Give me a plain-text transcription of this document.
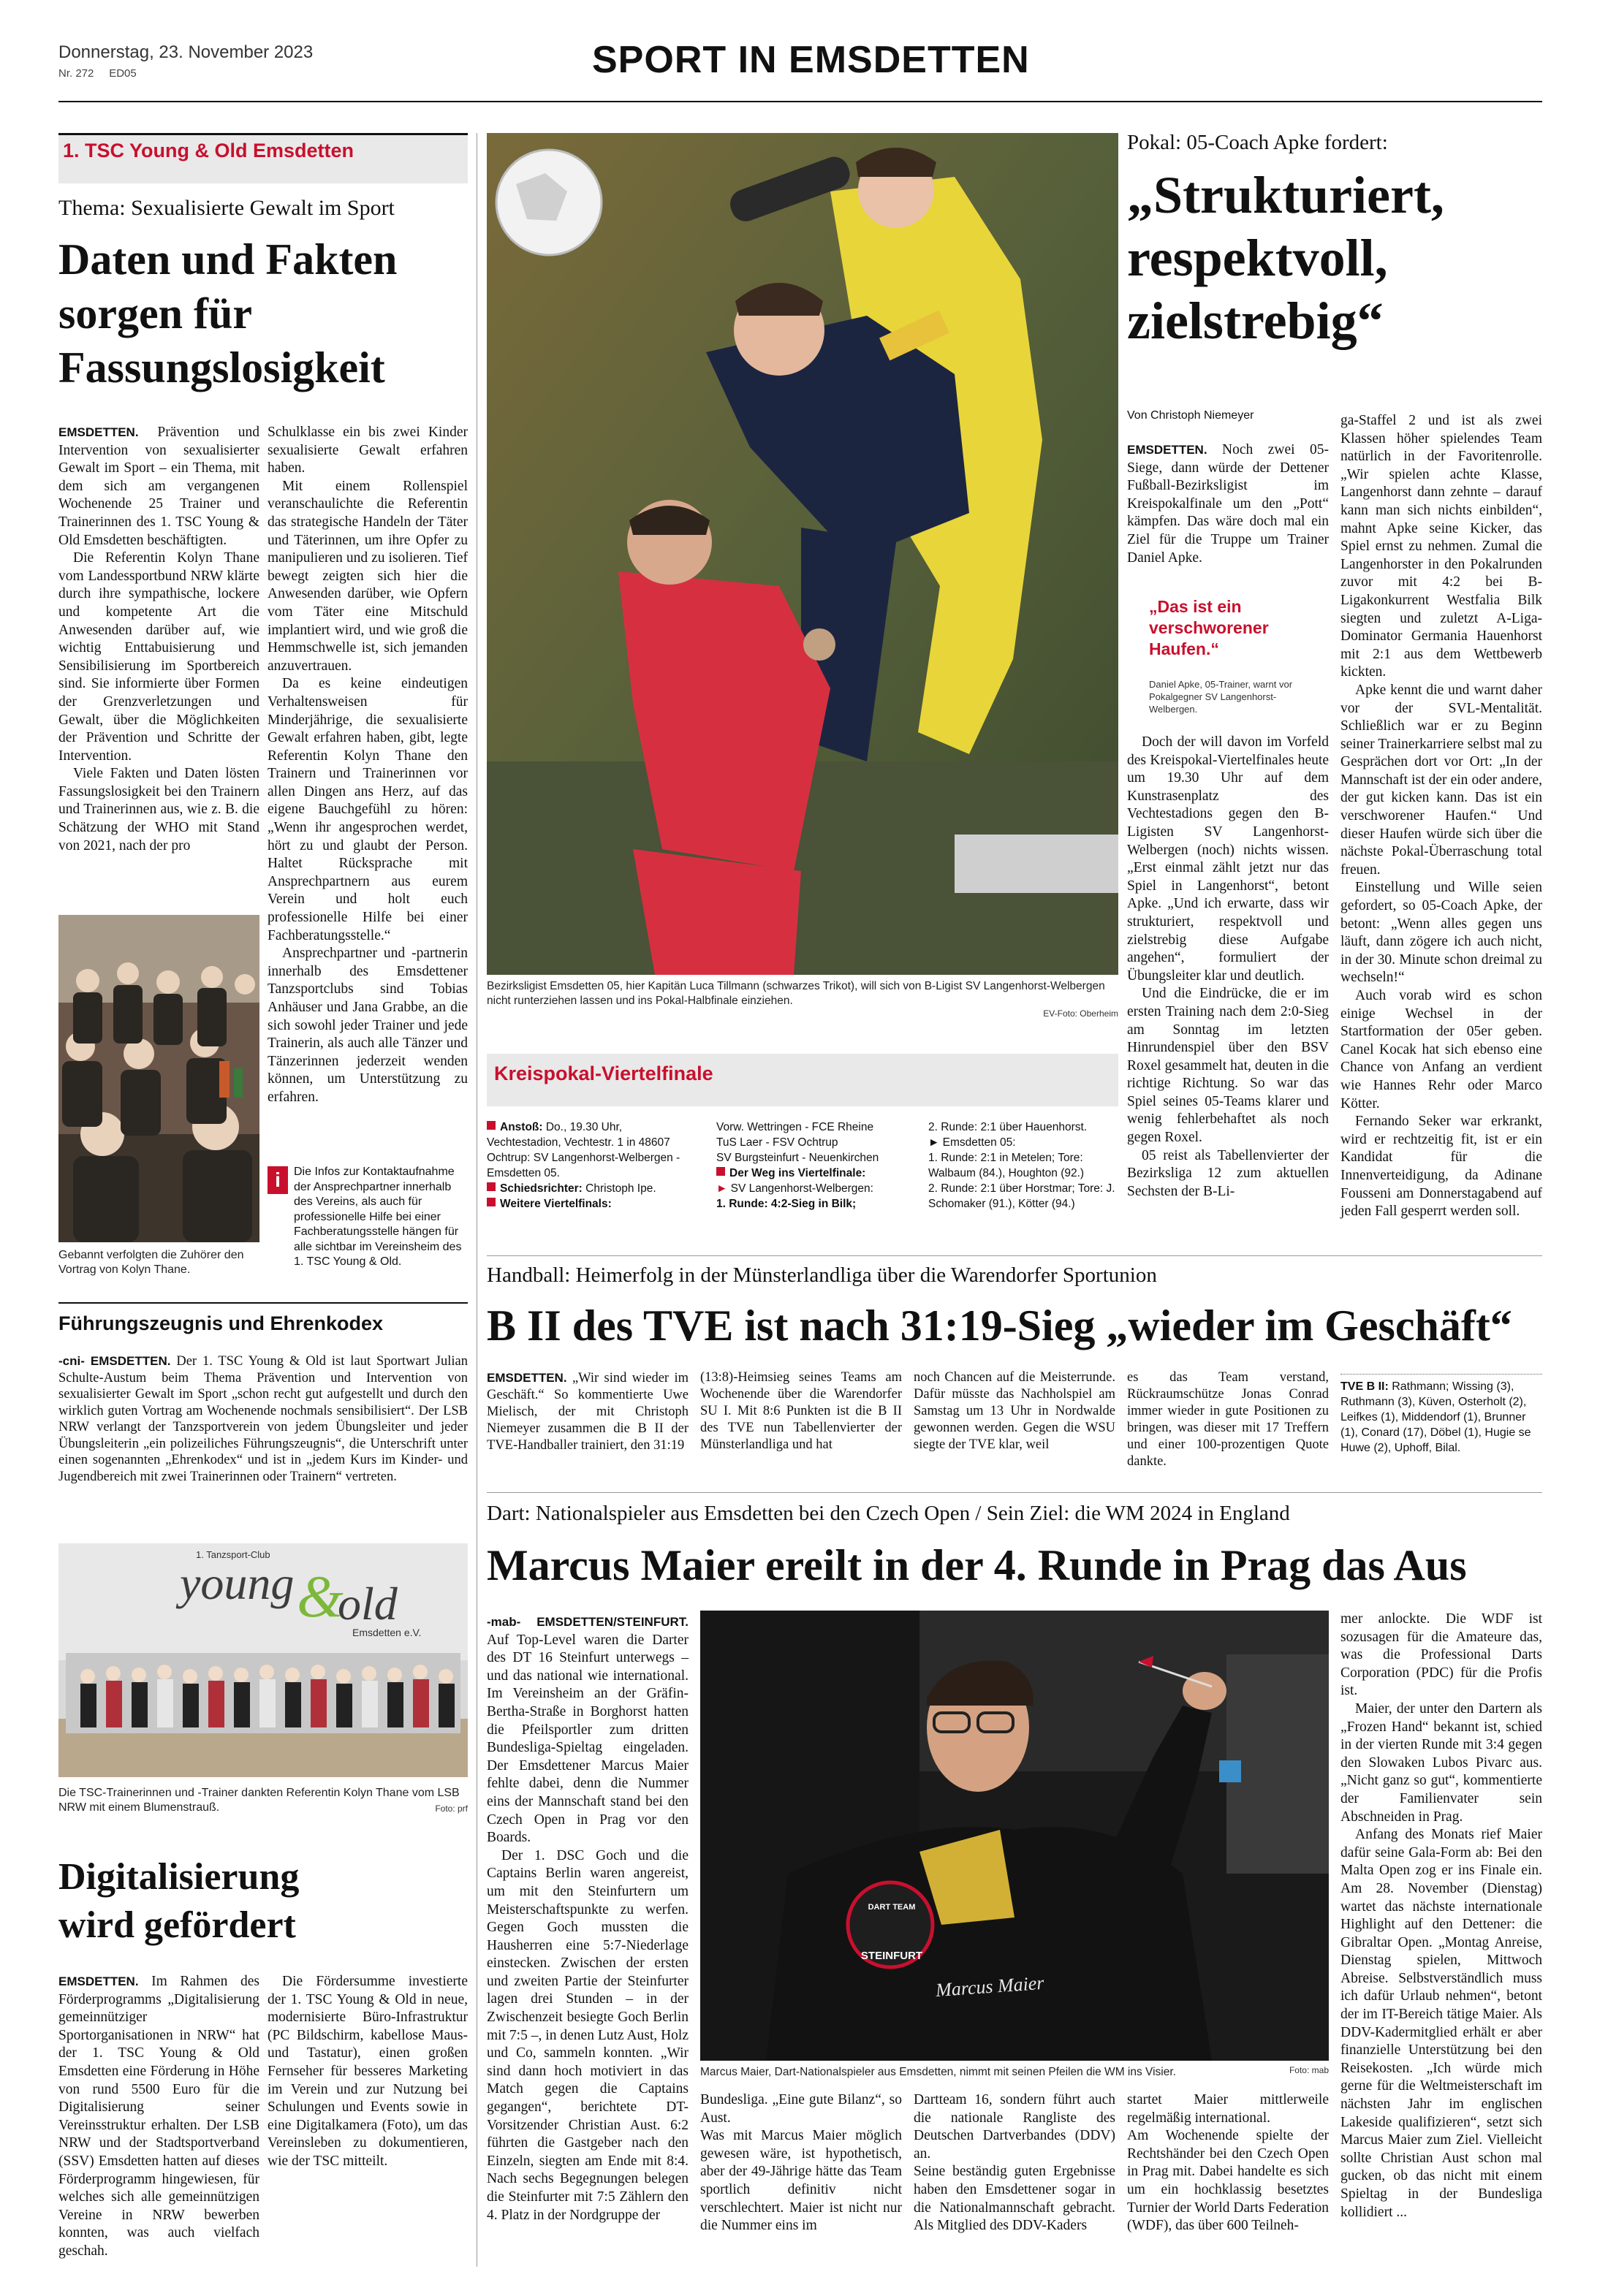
Donnerstag, 23. November 2023
Nr. 272     ED05	SPORT IN EMSDETTEN
1. TSC Young & Old Emsdetten
Thema: Sexualisierte Gewalt im Sport
Daten und Fakten sorgen für Fassungslosigkeit

EMSDETTEN. Prävention und Intervention von sexualisierter Gewalt im Sport – ein Thema, mit dem sich am vergangenen Wochenende 25 Trainer und Trainerinnen des 1. TSC Young & Old Emsdetten beschäftigten.

Die Referentin Kolyn Thane vom Landessportbund NRW klärte durch ihre sympathische, lockere und kompetente Art die Anwesenden darüber auf, wie wichtig Enttabuisierung und Sensibilisierung im Sportbereich sind. Sie informierte über Formen der Grenzverletzungen und Gewalt, über die Möglichkeiten der Prävention und Schritte der Intervention.

Viele Fakten und Daten lösten Fassungslosigkeit bei den Trainern und Trainerinnen aus, wie z. B. die Schätzung der WHO mit Stand von 2021, nach der pro

Gebannt verfolgten die Zuhörer den Vortrag von Kolyn Thane.

Schulklasse ein bis zwei Kinder sexualisierte Gewalt erfahren haben.

Mit einem Rollenspiel veranschaulichte die Referentin das strategische Handeln der Täter und Täterinnen, um ihre Opfer zu manipulieren und zu isolieren. Tief bewegt zeigten sich hier die Anwesenden darüber, wie Opfern vom Täter eine Mitschuld implantiert wird, und wie groß die Hemmschwelle ist, sich jemanden anzuvertrauen.

Da es keine eindeutigen Verhaltensweisen für Minderjährige, die sexualisierte Gewalt erfahren haben, gibt, legte Referentin Kolyn Thane den Trainern und Trainerinnen vor allen Dingen ans Herz, auf das eigene Bauchgefühl zu hören: „Wenn ihr angesprochen werdet, hört zu und glaubt der Person. Haltet Rücksprache mit Ansprechpartnern aus eurem Verein und holt euch professionelle Hilfe bei einer Fachberatungsstelle.“

Ansprechpartner und -partnerin innerhalb des Emsdettener Tanzsportclubs sind Tobias Anhäuser und Jana Grabbe, an die sich sowohl jeder Trainer und jede Trainerin, als auch alle Tänzer und Tänzerinnen jederzeit wenden können, um Unterstützung zu erfahren.

i	Die Infos zur Kontaktaufnahme der Ansprechpartner innerhalb des Vereins, als auch für professionelle Hilfe bei einer Fachberatungsstelle hängen für alle sichtbar im Vereinsheim des 1. TSC Young & Old.
Führungszeugnis und Ehrenkodex
-cni- EMSDETTEN. Der 1. TSC Young & Old ist laut Sportwart Julian Schulte-Austum beim Thema Prävention und Intervention von sexualisierter Gewalt im Sport „schon recht gut aufgestellt und durch den wirklich guten Vortrag am Wochenende nochmals sensibilisiert“. Der LSB NRW verlangt der Tanzsportverein von jedem Übungsleiter und jeder Übungsleiterin „ein polizeiliches Führungszeugnis“, die Unterschrift unter einen sogenannten „Ehrenkodex“ und ist in „jedem Kurs im Kinder- und Jugendbereich mit zwei Trainerinnen oder Trainern“ vertreten.
1. Tanzsport-Club
young &
old
Emsdetten e.V.
Die TSC-Trainerinnen und -Trainer dankten Referentin Kolyn Thane vom LSB NRW mit einem Blumenstrauß.	Foto: prf
Digitalisierung wird gefördert
EMSDETTEN. Im Rahmen des Förderprogramms „Digitalisierung gemeinnütziger Sportorganisationen in NRW“ hat der 1. TSC Young & Old Emsdetten eine Förderung in Höhe von rund 5500 Euro für die Digitalisierung seiner Vereinsstruktur erhalten. Der LSB NRW und der Stadtsportverband (SSV) Emsdetten hatten auf dieses Förderprogramm hingewiesen, für welches sich alle gemeinnützigen Vereine in NRW bewerben konnten, was auch vielfach geschah.
Die Fördersumme investierte der 1. TSC Young & Old in neue, modernisierte Büro-Infrastruktur (PC Bildschirm, kabellose Maus- und Tastatur), einen großen Fernseher für besseres Marketing im Verein und zur Nutzung bei Schulungen und Events sowie in eine Digitalkamera (Foto), um das Vereinsleben zu dokumentieren, wie der TSC mitteilt.
Bezirksligist Emsdetten 05, hier Kapitän Luca Tillmann (schwarzes Trikot), will sich von B-Ligist SV Langenhorst-Welbergen nicht runterziehen lassen und ins Pokal-Halbfinale einziehen.
EV-Foto: Oberheim
Kreispokal-Viertelfinale
Anstoß: Do., 19.30 Uhr, Vechtestadion, Vechtestr. 1 in 48607 Ochtrup: SV Langenhorst-Welbergen - Emsdetten 05.
Schiedsrichter: Christoph Ipe.
Weitere Viertelfinals:
Vorw. Wettringen - FCE Rheine
TuS Laer - FSV Ochtrup
SV Burgsteinfurt - Neuenkirchen
Der Weg ins Viertelfinale:
► SV Langenhorst-Welbergen:
1. Runde: 4:2-Sieg in Bilk;
2. Runde: 2:1 über Hauenhorst.
► Emsdetten 05:
1. Runde: 2:1 in Metelen; Tore: Walbaum (84.), Houghton (92.)
2. Runde: 2:1 über Horstmar; Tore: J. Schomaker (91.), Kötter (94.)
Pokal: 05-Coach Apke fordert:
„Strukturiert, respektvoll, zielstrebig“
Von Christoph Niemeyer
EMSDETTEN. Noch zwei 05-Siege, dann würde der Dettener Fußball-Bezirksligist im Kreispokalfinale um den „Pott“ kämpfen. Das wäre doch mal ein Ziel für die Truppe um Trainer Daniel Apke.
„Das ist ein verschworener Haufen.“
Daniel Apke, 05-Trainer, warnt vor Pokalgegner SV Langenhorst-Welbergen.

Doch der will davon im Vorfeld des Kreispokal-Viertelfinales heute um 19.30 Uhr auf dem Kunstrasenplatz des Vechtestadions gegen den B-Ligisten SV Langenhorst-Welbergen (noch) nichts wissen. „Erst einmal zählt jetzt nur das Spiel in Langenhorst“, betont Apke. „Und ich erwarte, dass wir strukturiert, respektvoll und zielstrebig diese Aufgabe angehen“, formuliert der Übungsleiter klar und deutlich.

Und die Eindrücke, die er im ersten Training nach dem 2:0-Sieg am Sonntag im letzten Hinrundenspiel über den BSV Roxel gesammelt hat, deuten in die richtige Richtung. So war das Spiel seines 05-Teams klarer und wenig fehlerbehaftet als noch gegen Roxel.

05 reist als Tabellenvierter der Bezirksliga 12 zum aktuellen Sechsten der B-Li-

ga-Staffel 2 und ist als zwei Klassen höher spielendes Team natürlich in der Favoritenrolle. „Wir spielen achte Klasse, Langenhorst dann zehnte – darauf kann man sich nichts einbilden“, mahnt Apke seine Kicker, das Spiel ernst zu nehmen. Zumal die Langenhorster in den Pokalrunden zuvor mit 4:2 bei B-Ligakonkurrent Westfalia Bilk siegten und zuletzt A-Liga-Dominator Germania Hauenhorst mit 2:1 aus dem Wettbewerb kickten.

Apke kennt die und warnt daher vor der SVL-Mentalität. Schließlich war er zu Beginn seiner Trainerkarriere selbst mal zu Gesprächen dort vor Ort: „In der Mannschaft ist der ein oder andere, der gut kicken kann. Das ist ein verschworener Haufen.“ Und dieser Haufen würde sich über die nächste Pokal-Überraschung total freuen.

Einstellung und Wille seien gefordert, so 05-Coach Apke, der betont: „Wenn alles gegen uns läuft, dann zögere ich auch nicht, in der 30. Minute schon dreimal zu wechseln!“

Auch vorab wird es schon einige Wechsel in der Startformation der 05er geben. Canel Kocak hat sich ebenso eine Chance von Anfang an verdient wie Hannes Rehr oder Marco Kötter.

Fernando Seker war erkrankt, wird er rechtzeitig fit, ist er ein Kandidat für die Innenverteidigung, da Adinane Fousseni am Donnerstagabend auf jeden Fall gesperrt werden soll.

Handball: Heimerfolg in der Münsterlandliga über die Warendorfer Sportunion
B II des TVE ist nach 31:19-Sieg „wieder im Geschäft“
EMSDETTEN. „Wir sind wieder im Geschäft.“ So kommentierte Uwe Mielisch, der mit Christoph Niemeyer zusammen die B II der TVE-Handballer trainiert, den 31:19
(13:8)-Heimsieg seines Teams am Wochenende über die Warendorfer SU I. Mit 8:6 Punkten ist die B II des TVE nun Tabellenvierter der Münsterlandliga und hat
noch Chancen auf die Meisterrunde. Dafür müsste das Nachholspiel am Samstag um 13 Uhr in Nordwalde gewonnen werden. Gegen die WSU siegte der TVE klar, weil
es das Team verstand, Rückraumschütze Jonas Conrad immer wieder in gute Positionen zu bringen, was dieser mit 17 Treffern und einer 100-prozentigen Quote dankte.
TVE B II: Rathmann; Wissing (3), Ruthmann (3), Küven, Osterholt (2), Leifkes (1), Middendorf (1), Brunner (1), Conard (17), Döbel (1), Hugie se Huwe (2), Uphoff, Bilal.
Dart: Nationalspieler aus Emsdetten bei den Czech Open / Sein Ziel: die WM 2024 in England
Marcus Maier ereilt in der 4. Runde in Prag das Aus

-mab- EMSDETTEN/STEINFURT. Auf Top-Level waren die Darter des DT 16 Steinfurt unterwegs – und das national wie international. Im Vereinsheim an der Gräfin-Bertha-Straße in Borghorst hatten die Pfeilsportler zum dritten Bundesliga-Spieltag eingeladen. Der Emsdettener Marcus Maier fehlte dabei, denn die Nummer eins der Mannschaft stand bei den Czech Open in Prag vor den Boards.

Der 1. DSC Goch und die Captains Berlin waren angereist, um mit den Steinfurtern um Meisterschaftspunkte zu werfen. Gegen Goch mussten die Hausherren eine 5:7-Niederlage einstecken. Zwischen der ersten und zweiten Partie der Steinfurter lagen drei Stunden – in der Zwischenzeit besiegte Goch Berlin mit 7:5 –, in denen Lutz Aust, Holz und Co, sammeln konnten. „Wir sind dann hoch motiviert in das Match gegen die Captains gegangen“, berichtete DT-Vorsitzender Christian Aust. 6:2 führten die Gastgeber nach den Einzeln, siegten am Ende mit 8:4. Nach sechs Begegnungen belegen die Steinfurter mit 7:5 Zählern den 4. Platz in der Nordgruppe der

DART TEAM
STEINFURT
Marcus Maier
Marcus Maier, Dart-Nationalspieler aus Emsdetten, nimmt mit seinen Pfeilen die WM ins Visier.	Foto: mab
Bundesliga. „Eine gute Bilanz“, so Aust.
Was mit Marcus Maier möglich gewesen wäre, ist hypothetisch, aber der 49-Jährige hätte das Team sportlich definitiv nicht verschlechtert. Maier ist nicht nur die Nummer eins im
Dartteam 16, sondern führt auch die nationale Rangliste des Deutschen Dartverbandes (DDV) an.
Seine beständig guten Ergebnisse haben den Emsdettener sogar in die Nationalmannschaft gebracht. Als Mitglied des DDV-Kaders
startet Maier mittlerweile regelmäßig international.
Am Wochenende spielte der Rechtshänder bei den Czech Open in Prag mit. Dabei handelte es sich um ein hochklassig besetztes Turnier der World Darts Federation (WDF), das über 600 Teilneh-

mer anlockte. Die WDF ist sozusagen für die Amateure das, was die Professional Darts Corporation (PDC) für die Profis ist.

Maier, der unter den Dartern als „Frozen Hand“ bekannt ist, schied in der vierten Runde mit 3:4 gegen den Slowaken Lubos Pivarc aus. „Nicht ganz so gut“, kommentierte der Familienvater sein Abschneiden in Prag.

Anfang des Monats rief Maier dafür seine Gala-Form ab: Bei den Malta Open zog er ins Finale ein. Am 28. November (Dienstag) wartet das nächste internationale Highlight auf den Dettener: die Gibraltar Open. „Montag Anreise, Dienstag spielen, Mittwoch Abreise. Selbstverständlich muss ich dafür Urlaub nehmen“, betont der im IT-Bereich tätige Maier. Als DDV-Kadermitglied erhält er aber finanzielle Unterstützung bei den Reisekosten. „Ich würde mich gerne für die Weltmeisterschaft im nächsten Jahr im englischen Lakeside qualifizieren“, setzt sich Marcus Maier zum Ziel. Vielleicht sollte Christian Aust schon mal gucken, ob das nicht mit einem Spieltag in der Bundesliga kollidiert ...
